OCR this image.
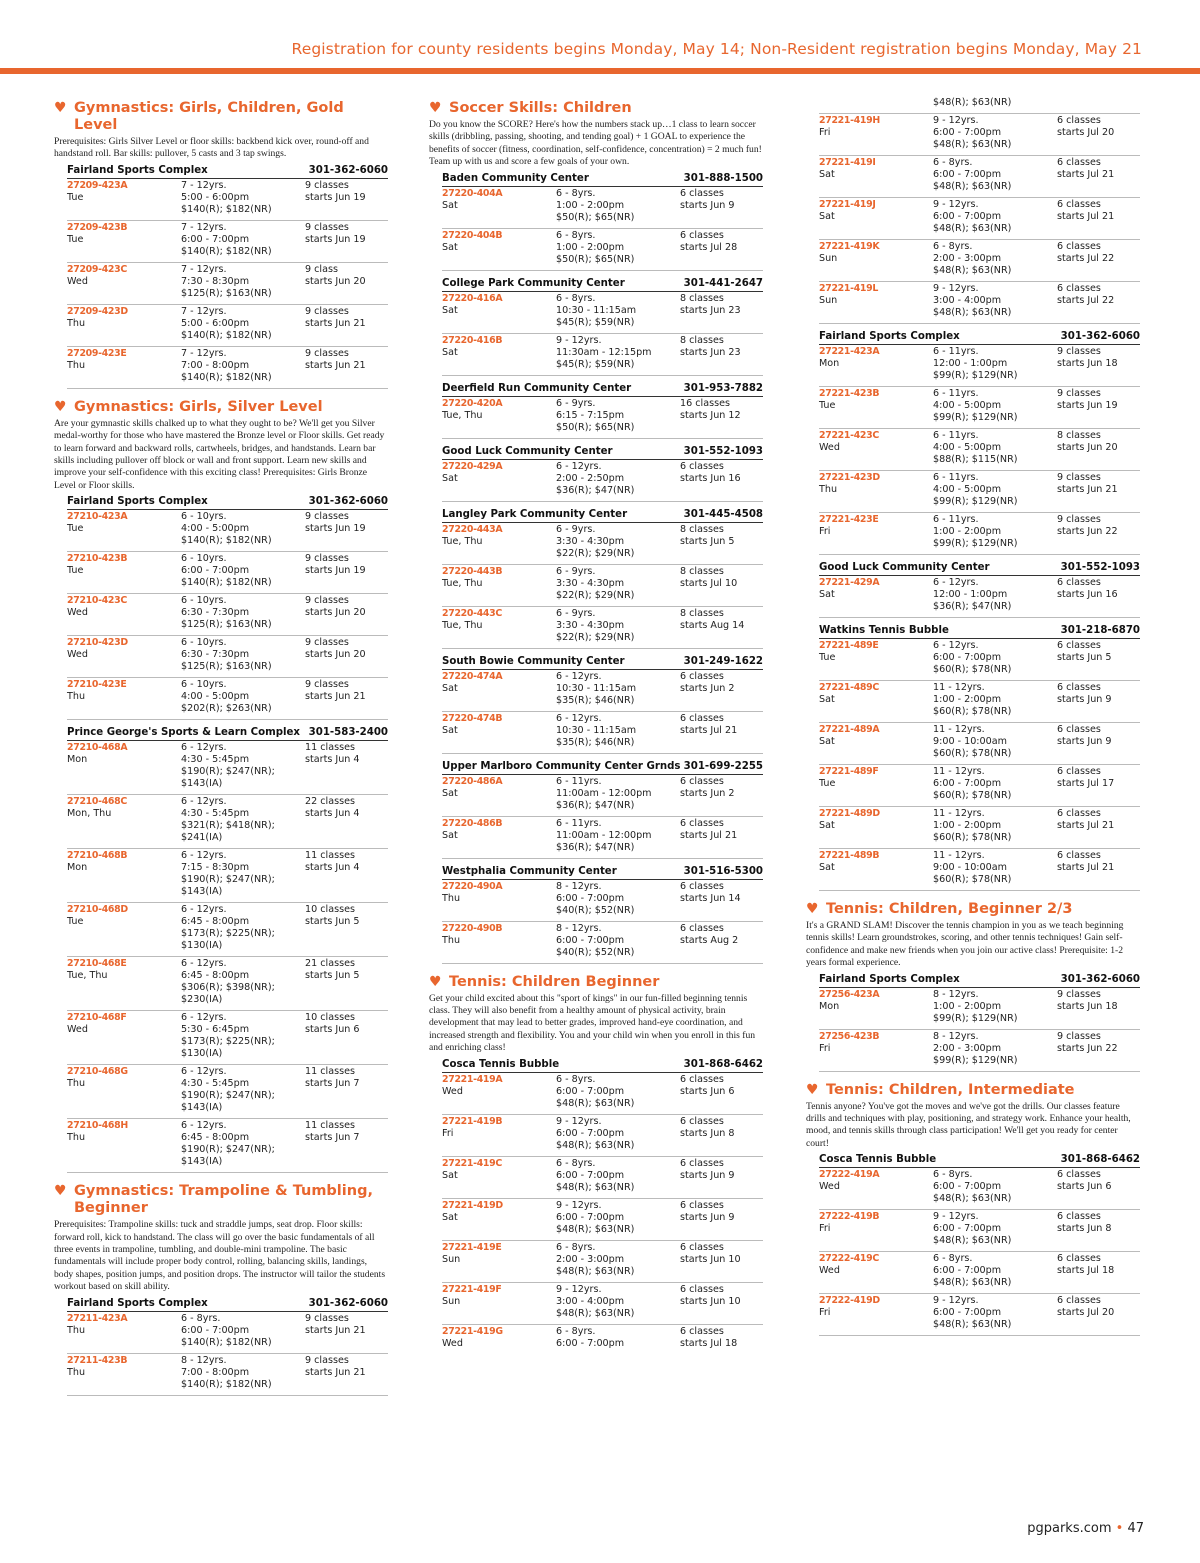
Registration for county residents begins Monday, May 14; Non-Resident registration begins Monday, May 21
♥ Gymnastics: Girls, Children, Gold Level
Prerequisites: Girls Silver Level or floor skills: backbend kick over, round-off and handstand roll. Bar skills: pullover, 5 casts and 3 tap swings.
Fairland Sports Complex	301-362-6060
27209-423A
Tue
7 - 12yrs.
5:00 - 6:00pm
$140(R); $182(NR)
9 classes
starts Jun 19
27209-423B
Tue
7 - 12yrs.
6:00 - 7:00pm
$140(R); $182(NR)
9 classes
starts Jun 19
27209-423C
Wed
7 - 12yrs.
7:30 - 8:30pm
$125(R); $163(NR)
9 class
starts Jun 20
27209-423D
Thu
7 - 12yrs.
5:00 - 6:00pm
$140(R); $182(NR)
9 classes
starts Jun 21
27209-423E
Thu
7 - 12yrs.
7:00 - 8:00pm
$140(R); $182(NR)
9 classes
starts Jun 21
♥ Gymnastics: Girls, Silver Level
Are your gymnastic skills chalked up to what they ought to be? We'll get you Silver medal-worthy for those who have mastered the Bronze level or Floor skills. Get ready to learn forward and backward rolls, cartwheels, bridges, and handstands. Learn bar skills including pullover off block or wall and front support. Learn new skills and improve your self-confidence with this exciting class! Prerequisites: Girls Bronze Level or Floor skills.
Fairland Sports Complex	301-362-6060
27210-423A
Tue
6 - 10yrs.
4:00 - 5:00pm
$140(R); $182(NR)
9 classes
starts Jun 19
27210-423B
Tue
6 - 10yrs.
6:00 - 7:00pm
$140(R); $182(NR)
9 classes
starts Jun 19
27210-423C
Wed
6 - 10yrs.
6:30 - 7:30pm
$125(R); $163(NR)
9 classes
starts Jun 20
27210-423D
Wed
6 - 10yrs.
6:30 - 7:30pm
$125(R); $163(NR)
9 classes
starts Jun 20
27210-423E
Thu
6 - 10yrs.
4:00 - 5:00pm
$202(R); $263(NR)
9 classes
starts Jun 21
Prince George's Sports & Learn Complex 301-583-2400
27210-468A
Mon
6 - 12yrs.
4:30 - 5:45pm
$190(R); $247(NR); $143(IA)
11 classes
starts Jun 4
27210-468C
Mon, Thu
6 - 12yrs.
4:30 - 5:45pm
$321(R); $418(NR); $241(IA)
22 classes
starts Jun 4
27210-468B
Mon
6 - 12yrs.
7:15 - 8:30pm
$190(R); $247(NR); $143(IA)
11 classes
starts Jun 4
27210-468D
Tue
6 - 12yrs.
6:45 - 8:00pm
$173(R); $225(NR); $130(IA)
10 classes
starts Jun 5
27210-468E
Tue, Thu
6 - 12yrs.
6:45 - 8:00pm
$306(R); $398(NR); $230(IA)
21 classes
starts Jun 5
27210-468F
Wed
6 - 12yrs.
5:30 - 6:45pm
$173(R); $225(NR); $130(IA)
10 classes
starts Jun 6
27210-468G
Thu
6 - 12yrs.
4:30 - 5:45pm
$190(R); $247(NR); $143(IA)
11 classes
starts Jun 7
27210-468H
Thu
6 - 12yrs.
6:45 - 8:00pm
$190(R); $247(NR); $143(IA)
11 classes
starts Jun 7
♥ Gymnastics: Trampoline & Tumbling, Beginner
Prerequisites: Trampoline skills: tuck and straddle jumps, seat drop. Floor skills: forward roll, kick to handstand. The class will go over the basic fundamentals of all three events in trampoline, tumbling, and double-mini trampoline. The basic fundamentals will include proper body control, rolling, balancing skills, landings, body shapes, position jumps, and position drops. The instructor will tailor the students workout based on skill ability.
Fairland Sports Complex	301-362-6060
27211-423A
Thu
6 - 8yrs.
6:00 - 7:00pm
$140(R); $182(NR)
9 classes
starts Jun 21
27211-423B
Thu
8 - 12yrs.
7:00 - 8:00pm
$140(R); $182(NR)
9 classes
starts Jun 21
♥ Soccer Skills: Children
Do you know the SCORE? Here's how the numbers stack up…1 class to learn soccer skills (dribbling, passing, shooting, and tending goal) + 1 GOAL to experience the benefits of soccer (fitness, coordination, self-confidence, concentration) = 2 much fun! Team up with us and score a few goals of your own.
Baden Community Center	301-888-1500
27220-404A
Sat
6 - 8yrs.
1:00 - 2:00pm
$50(R); $65(NR)
6 classes
starts Jun 9
27220-404B
Sat
6 - 8yrs.
1:00 - 2:00pm
$50(R); $65(NR)
6 classes
starts Jul 28
College Park Community Center	301-441-2647
27220-416A
Sat
6 - 8yrs.
10:30 - 11:15am
$45(R); $59(NR)
8 classes
starts Jun 23
27220-416B
Sat
9 - 12yrs.
11:30am - 12:15pm
$45(R); $59(NR)
8 classes
starts Jun 23
Deerfield Run Community Center	301-953-7882
27220-420A
Tue, Thu
6 - 9yrs.
6:15 - 7:15pm
$50(R); $65(NR)
16 classes
starts Jun 12
Good Luck Community Center	301-552-1093
27220-429A
Sat
6 - 12yrs.
2:00 - 2:50pm
$36(R); $47(NR)
6 classes
starts Jun 16
Langley Park Community Center	301-445-4508
27220-443A
Tue, Thu
6 - 9yrs.
3:30 - 4:30pm
$22(R); $29(NR)
8 classes
starts Jun 5
27220-443B
Tue, Thu
6 - 9yrs.
3:30 - 4:30pm
$22(R); $29(NR)
8 classes
starts Jul 10
27220-443C
Tue, Thu
6 - 9yrs.
3:30 - 4:30pm
$22(R); $29(NR)
8 classes
starts Aug 14
South Bowie Community Center	301-249-1622
27220-474A
Sat
6 - 12yrs.
10:30 - 11:15am
$35(R); $46(NR)
6 classes
starts Jun 2
27220-474B
Sat
6 - 12yrs.
10:30 - 11:15am
$35(R); $46(NR)
6 classes
starts Jul 21
Upper Marlboro Community Center Grnds 301-699-2255
27220-486A
Sat
6 - 11yrs.
11:00am - 12:00pm
$36(R); $47(NR)
6 classes
starts Jun 2
27220-486B
Sat
6 - 11yrs.
11:00am - 12:00pm
$36(R); $47(NR)
6 classes
starts Jul 21
Westphalia Community Center	301-516-5300
27220-490A
Thu
8 - 12yrs.
6:00 - 7:00pm
$40(R); $52(NR)
6 classes
starts Jun 14
27220-490B
Thu
8 - 12yrs.
6:00 - 7:00pm
$40(R); $52(NR)
6 classes
starts Aug 2
♥ Tennis: Children Beginner
Get your child excited about this "sport of kings" in our fun-filled beginning tennis class. They will also benefit from a healthy amount of physical activity, brain development that may lead to better grades, improved hand-eye coordination, and increased strength and flexibility. You and your child win when you enroll in this fun and enriching class!
Cosca Tennis Bubble	301-868-6462
27221-419A
Wed
6 - 8yrs.
6:00 - 7:00pm
$48(R); $63(NR)
6 classes
starts Jun 6
27221-419B
Fri
9 - 12yrs.
6:00 - 7:00pm
$48(R); $63(NR)
6 classes
starts Jun 8
27221-419C
Sat
6 - 8yrs.
6:00 - 7:00pm
$48(R); $63(NR)
6 classes
starts Jun 9
27221-419D
Sat
9 - 12yrs.
6:00 - 7:00pm
$48(R); $63(NR)
6 classes
starts Jun 9
27221-419E
Sun
6 - 8yrs.
2:00 - 3:00pm
$48(R); $63(NR)
6 classes
starts Jun 10
27221-419F
Sun
9 - 12yrs.
3:00 - 4:00pm
$48(R); $63(NR)
6 classes
starts Jun 10
27221-419G
Wed
6 - 8yrs.
6:00 - 7:00pm
6 classes
starts Jul 18
$48(R); $63(NR)
27221-419H
Fri
9 - 12yrs.
6:00 - 7:00pm
$48(R); $63(NR)
6 classes
starts Jul 20
27221-419I
Sat
6 - 8yrs.
6:00 - 7:00pm
$48(R); $63(NR)
6 classes
starts Jul 21
27221-419J
Sat
9 - 12yrs.
6:00 - 7:00pm
$48(R); $63(NR)
6 classes
starts Jul 21
27221-419K
Sun
6 - 8yrs.
2:00 - 3:00pm
$48(R); $63(NR)
6 classes
starts Jul 22
27221-419L
Sun
9 - 12yrs.
3:00 - 4:00pm
$48(R); $63(NR)
6 classes
starts Jul 22
Fairland Sports Complex	301-362-6060
27221-423A
Mon
6 - 11yrs.
12:00 - 1:00pm
$99(R); $129(NR)
9 classes
starts Jun 18
27221-423B
Tue
6 - 11yrs.
4:00 - 5:00pm
$99(R); $129(NR)
9 classes
starts Jun 19
27221-423C
Wed
6 - 11yrs.
4:00 - 5:00pm
$88(R); $115(NR)
8 classes
starts Jun 20
27221-423D
Thu
6 - 11yrs.
4:00 - 5:00pm
$99(R); $129(NR)
9 classes
starts Jun 21
27221-423E
Fri
6 - 11yrs.
1:00 - 2:00pm
$99(R); $129(NR)
9 classes
starts Jun 22
Good Luck Community Center	301-552-1093
27221-429A
Sat
6 - 12yrs.
12:00 - 1:00pm
$36(R); $47(NR)
6 classes
starts Jun 16
Watkins Tennis Bubble	301-218-6870
27221-489E
Tue
6 - 12yrs.
6:00 - 7:00pm
$60(R); $78(NR)
6 classes
starts Jun 5
27221-489C
Sat
11 - 12yrs.
1:00 - 2:00pm
$60(R); $78(NR)
6 classes
starts Jun 9
27221-489A
Sat
11 - 12yrs.
9:00 - 10:00am
$60(R); $78(NR)
6 classes
starts Jun 9
27221-489F
Tue
11 - 12yrs.
6:00 - 7:00pm
$60(R); $78(NR)
6 classes
starts Jul 17
27221-489D
Sat
11 - 12yrs.
1:00 - 2:00pm
$60(R); $78(NR)
6 classes
starts Jul 21
27221-489B
Sat
11 - 12yrs.
9:00 - 10:00am
$60(R); $78(NR)
6 classes
starts Jul 21
♥ Tennis: Children, Beginner 2/3
It's a GRAND SLAM! Discover the tennis champion in you as we teach beginning tennis skills! Learn groundstrokes, scoring, and other tennis techniques! Gain self-confidence and make new friends when you join our active class! Prerequisite: 1-2 years formal experience.
Fairland Sports Complex	301-362-6060
27256-423A
Mon
8 - 12yrs.
1:00 - 2:00pm
$99(R); $129(NR)
9 classes
starts Jun 18
27256-423B
Fri
8 - 12yrs.
2:00 - 3:00pm
$99(R); $129(NR)
9 classes
starts Jun 22
♥ Tennis: Children, Intermediate
Tennis anyone? You've got the moves and we've got the drills. Our classes feature drills and techniques with play, positioning, and strategy work. Enhance your health, mood, and tennis skills through class participation! We'll get you ready for center court!
Cosca Tennis Bubble	301-868-6462
27222-419A
Wed
6 - 8yrs.
6:00 - 7:00pm
$48(R); $63(NR)
6 classes
starts Jun 6
27222-419B
Fri
9 - 12yrs.
6:00 - 7:00pm
$48(R); $63(NR)
6 classes
starts Jun 8
27222-419C
Wed
6 - 8yrs.
6:00 - 7:00pm
$48(R); $63(NR)
6 classes
starts Jul 18
27222-419D
Fri
9 - 12yrs.
6:00 - 7:00pm
$48(R); $63(NR)
6 classes
starts Jul 20
pgparks.com • 47
